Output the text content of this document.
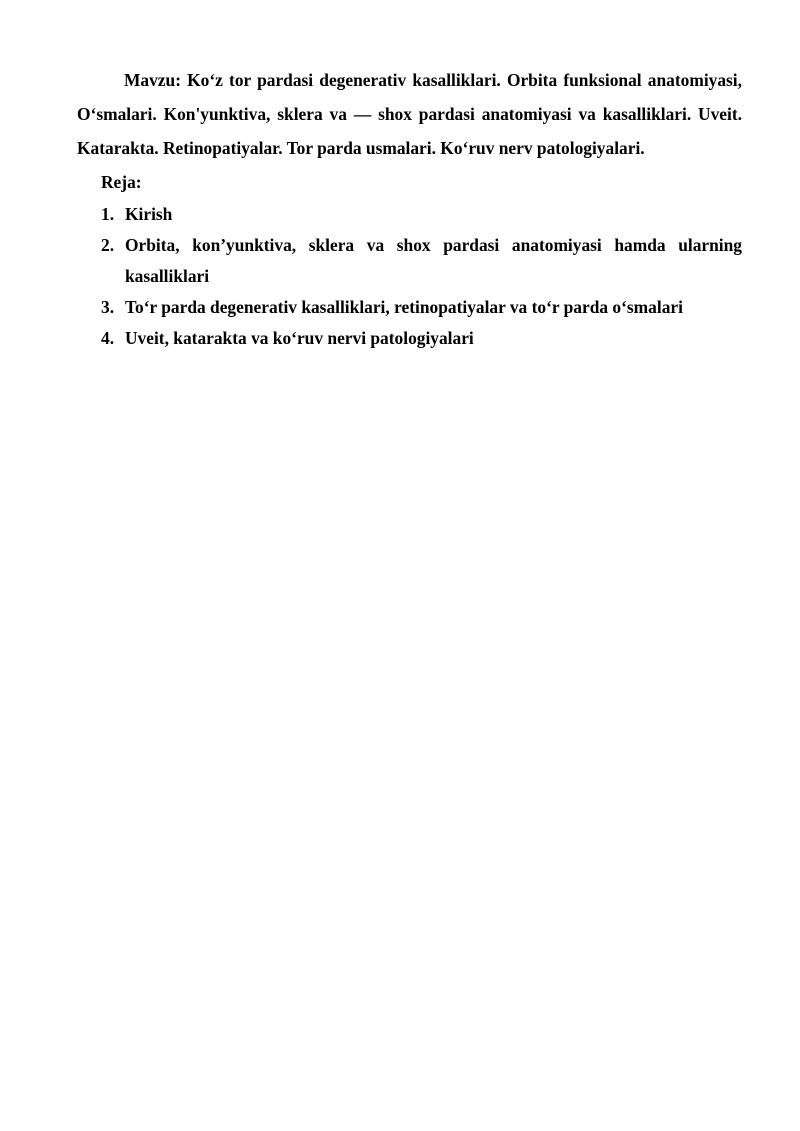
Mavzu: Ko‘z tor pardasi degenerativ kasalliklari. Orbita funksional anatomiyasi, O‘smalari. Kon'yunktiva, sklera va — shox pardasi anatomiyasi va kasalliklari. Uveit. Katarakta. Retinopatiyalar. Tor parda usmalari. Ko‘ruv nerv patologiyalari.

Reja:

1. Kirish
2. Orbita, kon’yunktiva, sklera va shox pardasi anatomiyasi hamda ularning kasalliklari
3. To‘r parda degenerativ kasalliklari, retinopatiyalar va to‘r parda o‘smalari
4. Uveit, katarakta va ko‘ruv nervi patologiyalari
